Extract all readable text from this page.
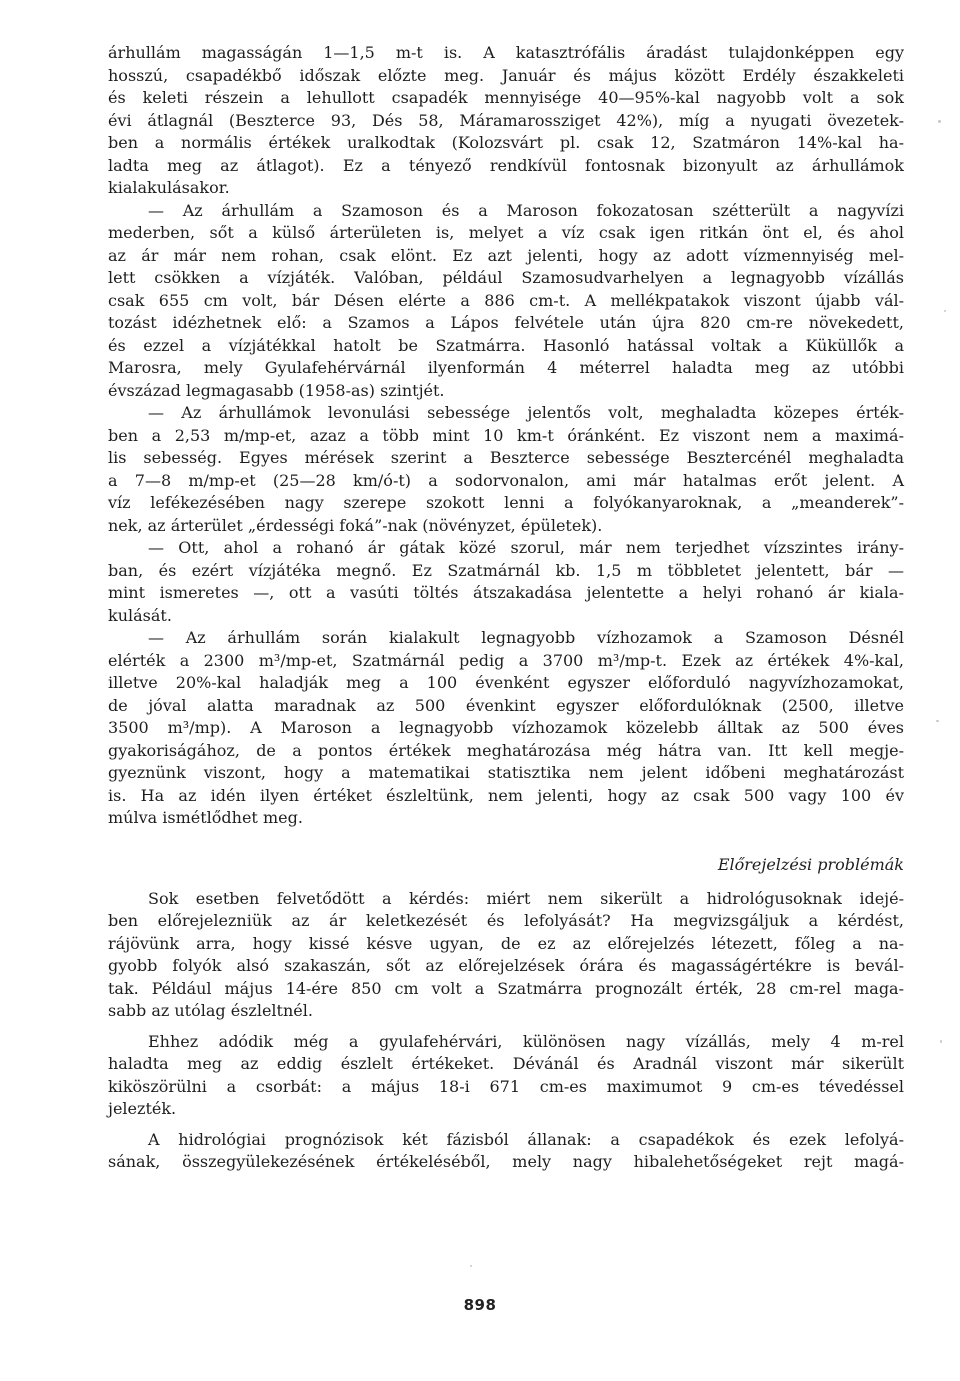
árhullám magasságán 1—1,5 m-t is. A katasztrófális áradást tulajdonképpen egy
hosszú, csapadékbő időszak előzte meg. Január és május között Erdély északkeleti
és keleti részein a lehullott csapadék mennyisége 40—95%-kal nagyobb volt a sok
évi átlagnál (Beszterce 93, Dés 58, Máramarossziget 42%), míg a nyugati övezetek-
ben a normális értékek uralkodtak (Kolozsvárt pl. csak 12, Szatmáron 14%-kal ha-
ladta meg az átlagot). Ez a tényező rendkívül fontosnak bizonyult az árhullámok
kialakulásakor.
— Az árhullám a Szamoson és a Maroson fokozatosan szétterült a nagyvízi
mederben, sőt a külső árterületen is, melyet a víz csak igen ritkán önt el, és ahol
az ár már nem rohan, csak elönt. Ez azt jelenti, hogy az adott vízmennyiség mel-
lett csökken a vízjáték. Valóban, például Szamosudvarhelyen a legnagyobb vízállás
csak 655 cm volt, bár Désen elérte a 886 cm-t. A mellékpatakok viszont újabb vál-
tozást idézhetnek elő: a Szamos a Lápos felvétele után újra 820 cm-re növekedett,
és ezzel a vízjátékkal hatolt be Szatmárra. Hasonló hatással voltak a Küküllők a
Marosra, mely Gyulafehérvárnál ilyenformán 4 méterrel haladta meg az utóbbi
évszázad legmagasabb (1958-as) szintjét.
— Az árhullámok levonulási sebessége jelentős volt, meghaladta közepes érték-
ben a 2,53 m/mp-et, azaz a több mint 10 km-t óránként. Ez viszont nem a maximá-
lis sebesség. Egyes mérések szerint a Beszterce sebessége Besztercénél meghaladta
a 7—8 m/mp-et (25—28 km/ó-t) a sodorvonalon, ami már hatalmas erőt jelent. A
víz lefékezésében nagy szerepe szokott lenni a folyókanyaroknak, a „meanderek”-
nek, az árterület „érdességi foká”-nak (növényzet, épületek).
— Ott, ahol a rohanó ár gátak közé szorul, már nem terjedhet vízszintes irány-
ban, és ezért vízjátéka megnő. Ez Szatmárnál kb. 1,5 m többletet jelentett, bár —
mint ismeretes —, ott a vasúti töltés átszakadása jelentette a helyi rohanó ár kiala-
kulását.
— Az árhullám során kialakult legnagyobb vízhozamok a Szamoson Désnél
elérték a 2300 m³/mp-et, Szatmárnál pedig a 3700 m³/mp-t. Ezek az értékek 4%-kal,
illetve 20%-kal haladják meg a 100 évenként egyszer előforduló nagyvízhozamokat,
de jóval alatta maradnak az 500 évenkint egyszer előfordulóknak (2500, illetve
3500 m³/mp). A Maroson a legnagyobb vízhozamok közelebb álltak az 500 éves
gyakoriságához, de a pontos értékek meghatározása még hátra van. Itt kell megje-
gyeznünk viszont, hogy a matematikai statisztika nem jelent időbeni meghatározást
is. Ha az idén ilyen értéket észleltünk, nem jelenti, hogy az csak 500 vagy 100 év
múlva ismétlődhet meg.
Előrejelzési problémák
Sok esetben felvetődött a kérdés: miért nem sikerült a hidrológusoknak idejé-
ben előrejelezniük az ár keletkezését és lefolyását? Ha megvizsgáljuk a kérdést,
rájövünk arra, hogy kissé késve ugyan, de ez az előrejelzés létezett, főleg a na-
gyobb folyók alsó szakaszán, sőt az előrejelzések órára és magasságértékre is bevál-
tak. Például május 14-ére 850 cm volt a Szatmárra prognozált érték, 28 cm-rel maga-
sabb az utólag észleltnél.
Ehhez adódik még a gyulafehérvári, különösen nagy vízállás, mely 4 m-rel
haladta meg az eddig észlelt értékeket. Dévánál és Aradnál viszont már sikerült
kiköszörülni a csorbát: a május 18-i 671 cm-es maximumot 9 cm-es tévedéssel
jelezték.
A hidrológiai prognózisok két fázisból állanak: a csapadékok és ezek lefolyá-
sának, összegyülekezésének értékeléséből, mely nagy hibalehetőségeket rejt magá-
898
